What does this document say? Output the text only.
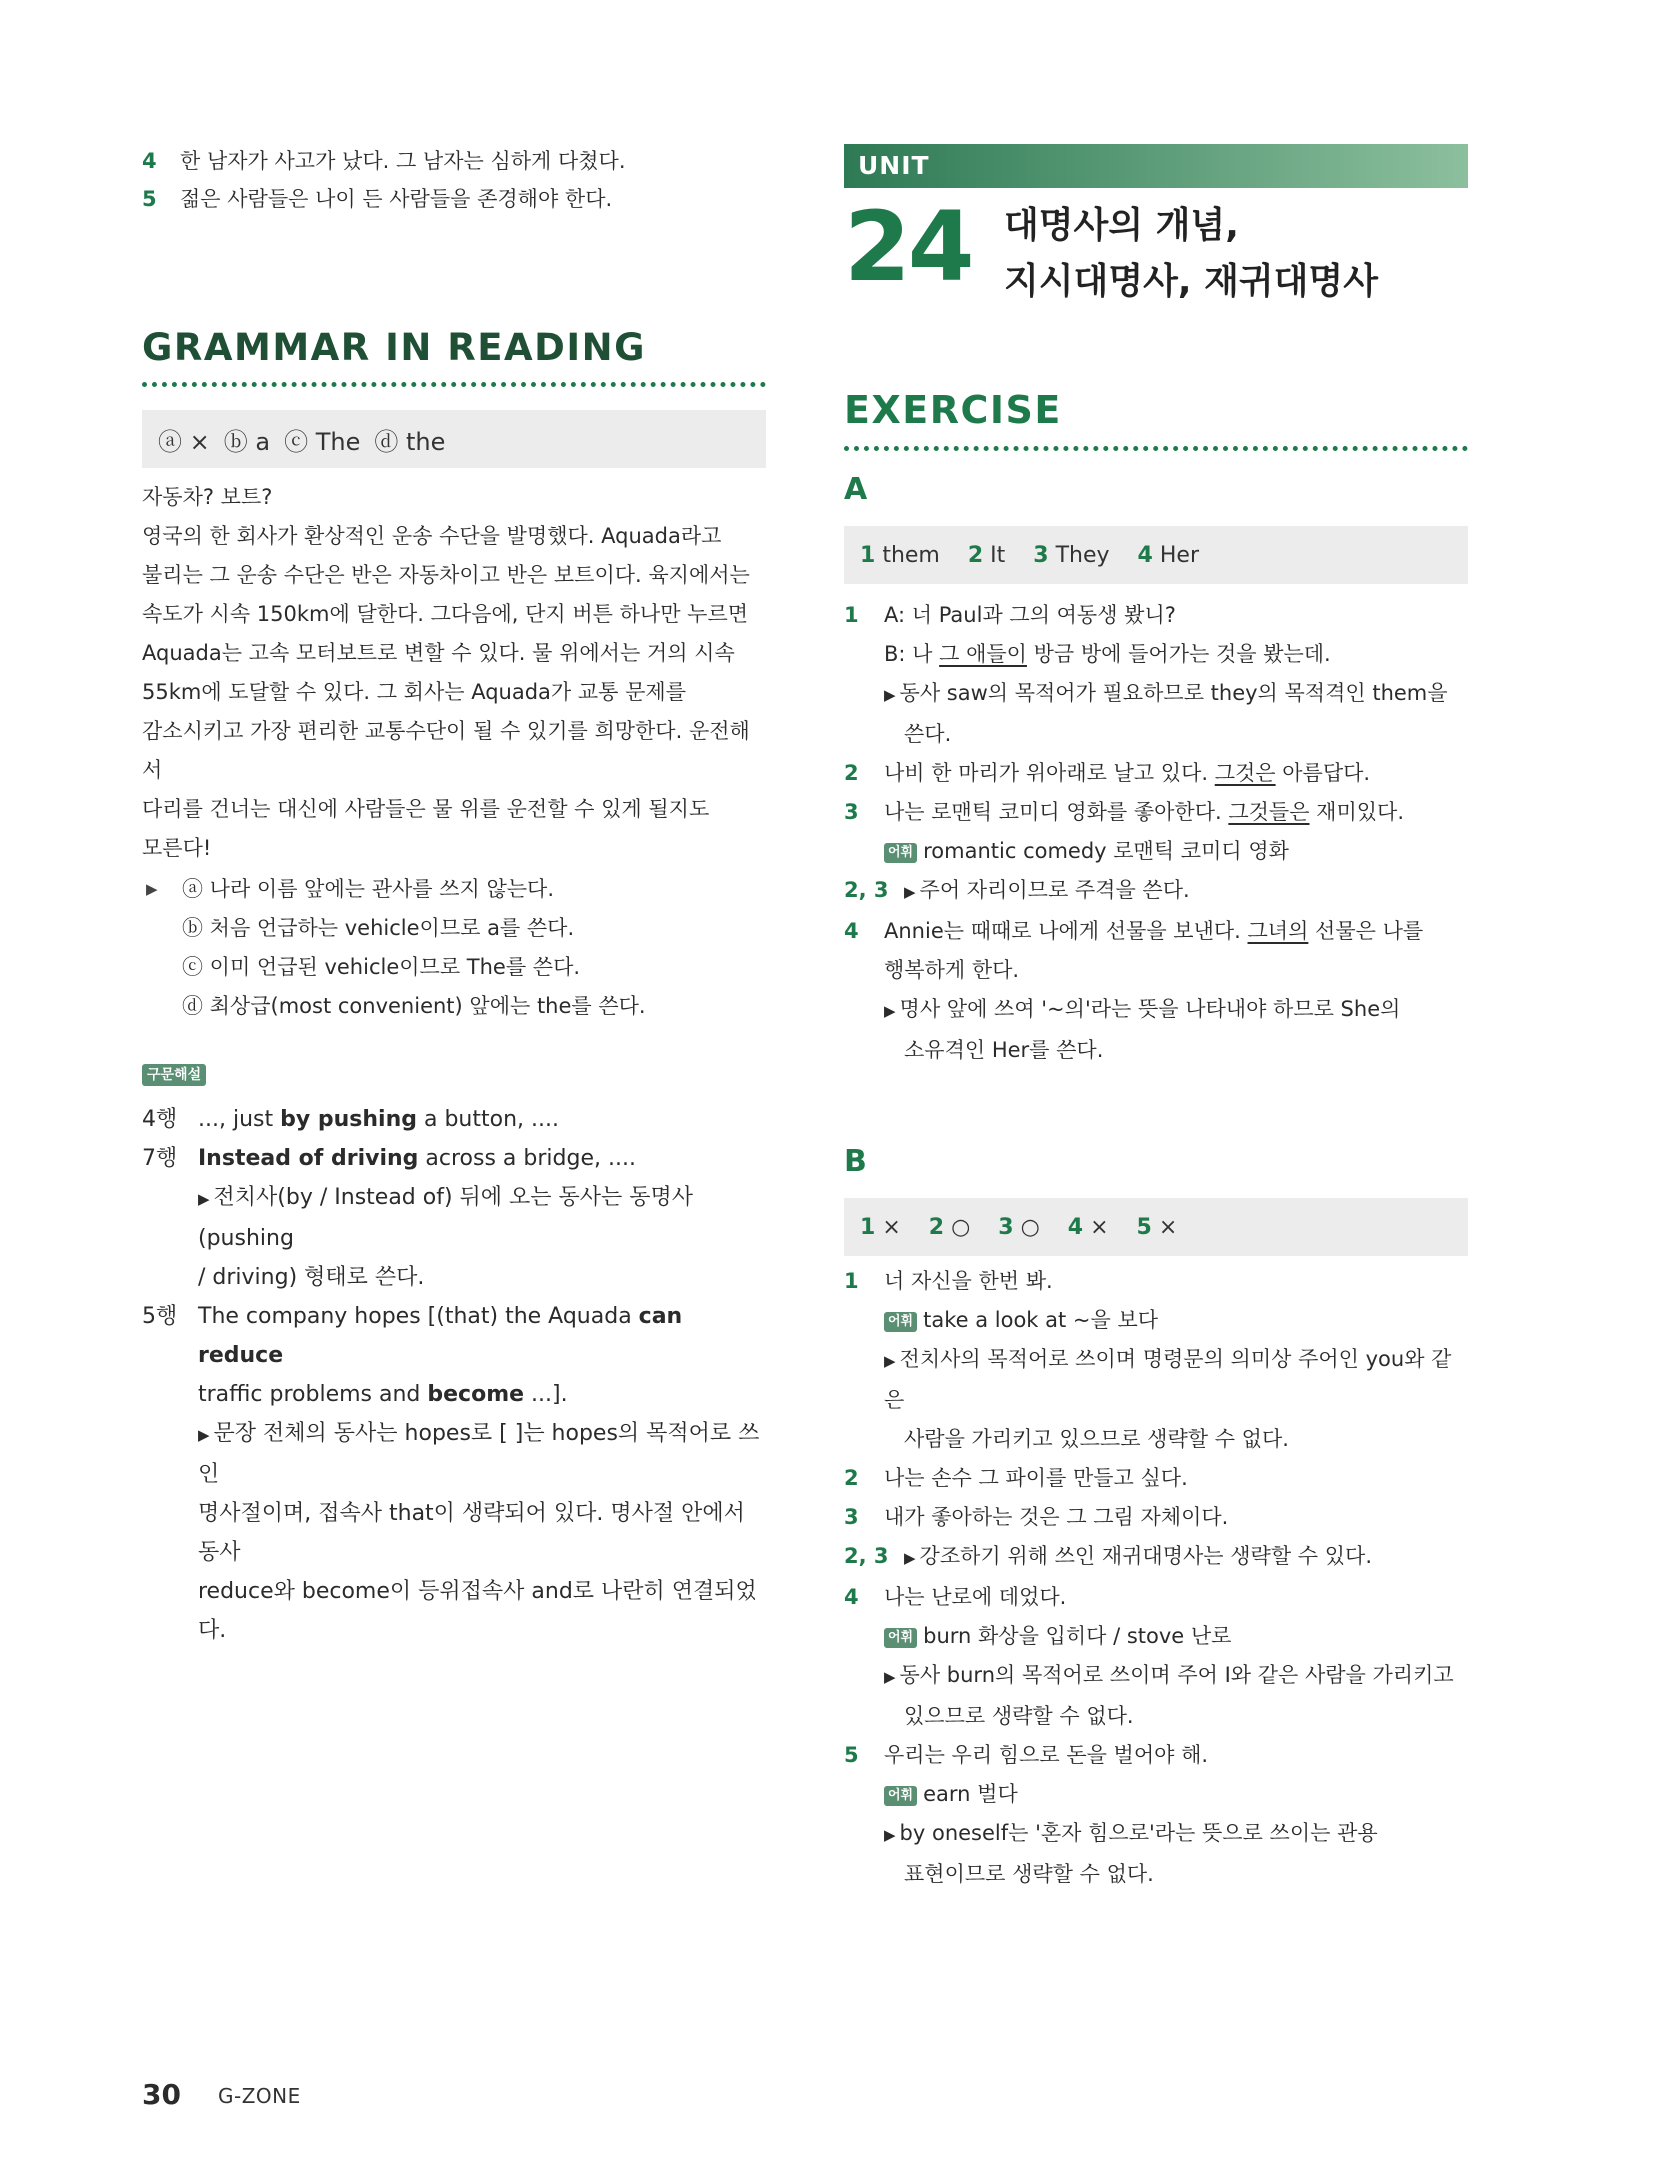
4	한 남자가 사고가 났다. 그 남자는 심하게 다쳤다.
5	젊은 사람들은 나이 든 사람들을 존경해야 한다.
GRAMMAR IN READING
ⓐ × ⓑ a ⓒ The ⓓ the
자동차? 보트?
영국의 한 회사가 환상적인 운송 수단을 발명했다. Aquada라고
불리는 그 운송 수단은 반은 자동차이고 반은 보트이다. 육지에서는
속도가 시속 150km에 달한다. 그다음에, 단지 버튼 하나만 누르면
Aquada는 고속 모터보트로 변할 수 있다. 물 위에서는 거의 시속
55km에 도달할 수 있다. 그 회사는 Aquada가 교통 문제를
감소시키고 가장 편리한 교통수단이 될 수 있기를 희망한다. 운전해서
다리를 건너는 대신에 사람들은 물 위를 운전할 수 있게 될지도
모른다!
▶	ⓐ 나라 이름 앞에는 관사를 쓰지 않는다.
ⓑ 처음 언급하는 vehicle이므로 a를 쓴다.
ⓒ 이미 언급된 vehicle이므로 The를 쓴다.
ⓓ 최상급(most convenient) 앞에는 the를 쓴다.
구문해설
4행 ..., just by pushing a button, ....
7행 Instead of driving across a bridge, ....
▶ 전치사(by / Instead of) 뒤에 오는 동사는 동명사(pushing
/ driving) 형태로 쓴다.
5행 The company hopes [(that) the Aquada can reduce
traffic problems and become ...].
▶ 문장 전체의 동사는 hopes로 [ ]는 hopes의 목적어로 쓰인
명사절이며, 접속사 that이 생략되어 있다. 명사절 안에서 동사
reduce와 become이 등위접속사 and로 나란히 연결되었다.
30 G-ZONE
UNIT
24 대명사의 개념,
지시대명사, 재귀대명사
EXERCISE
A
1 them	2 It	3 They	4 Her
1	A: 너 Paul과 그의 여동생 봤니?
B: 나 그 애들이 방금 방에 들어가는 것을 봤는데.
▶ 동사 saw의 목적어가 필요하므로 they의 목적격인 them을
쓴다.
2	나비 한 마리가 위아래로 날고 있다. 그것은 아름답다.
3	나는 로맨틱 코미디 영화를 좋아한다. 그것들은 재미있다.
어휘 romantic comedy 로맨틱 코미디 영화
2, 3	▶ 주어 자리이므로 주격을 쓴다.
4	Annie는 때때로 나에게 선물을 보낸다. 그녀의 선물은 나를
행복하게 한다.
▶ 명사 앞에 쓰여 '~의'라는 뜻을 나타내야 하므로 She의
소유격인 Her를 쓴다.
B
1 ×	2 ○	3 ○	4 ×	5 ×
1	너 자신을 한번 봐.
어휘 take a look at ~을 보다
▶ 전치사의 목적어로 쓰이며 명령문의 의미상 주어인 you와 같은
사람을 가리키고 있으므로 생략할 수 없다.
2	나는 손수 그 파이를 만들고 싶다.
3	내가 좋아하는 것은 그 그림 자체이다.
2, 3	▶ 강조하기 위해 쓰인 재귀대명사는 생략할 수 있다.
4	나는 난로에 데었다.
어휘 burn 화상을 입히다 / stove 난로
▶ 동사 burn의 목적어로 쓰이며 주어 I와 같은 사람을 가리키고
있으므로 생략할 수 없다.
5	우리는 우리 힘으로 돈을 벌어야 해.
어휘 earn 벌다
▶ by oneself는 '혼자 힘으로'라는 뜻으로 쓰이는 관용
표현이므로 생략할 수 없다.
